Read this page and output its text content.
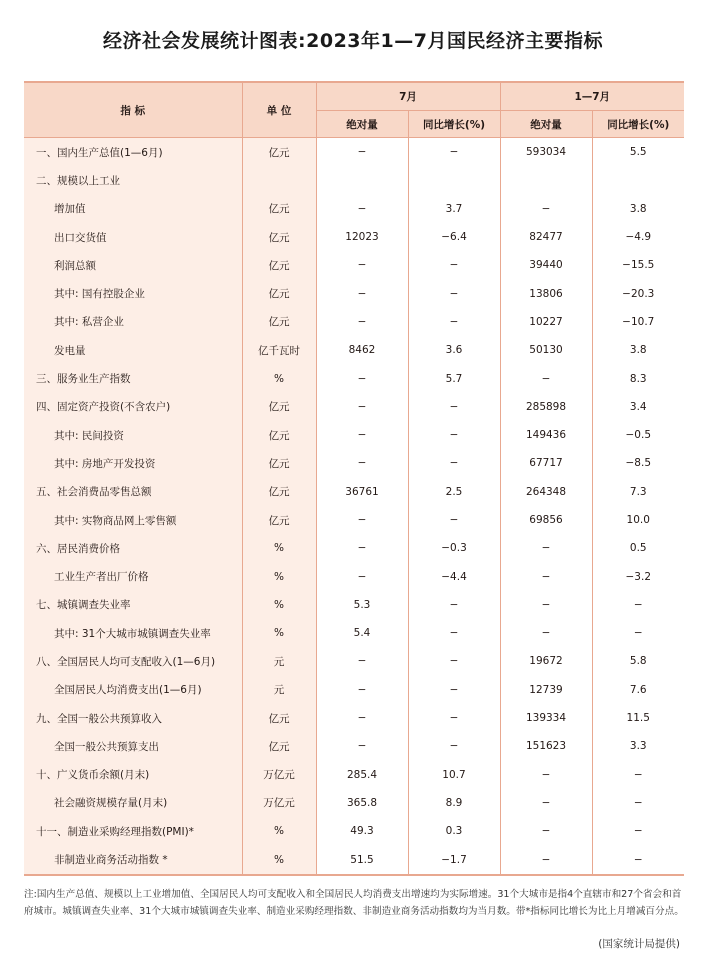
经济社会发展统计图表:2023年1—7月国民经济主要指标
指 标	单 位	7月		1—7月	
		绝对量	同比增长(%)	绝对量	同比增长(%)
一、国内生产总值(1—6月)	亿元	−	−	593034	5.5
二、规模以上工业					
增加值	亿元	−	3.7	−	3.8
出口交货值	亿元	12023	−6.4	82477	−4.9
利润总额	亿元	−	−	39440	−15.5
其中: 国有控股企业	亿元	−	−	13806	−20.3
其中: 私营企业	亿元	−	−	10227	−10.7
发电量	亿千瓦时	8462	3.6	50130	3.8
三、服务业生产指数	%	−	5.7	−	8.3
四、固定资产投资(不含农户)	亿元	−	−	285898	3.4
其中: 民间投资	亿元	−	−	149436	−0.5
其中: 房地产开发投资	亿元	−	−	67717	−8.5
五、社会消费品零售总额	亿元	36761	2.5	264348	7.3
其中: 实物商品网上零售额	亿元	−	−	69856	10.0
六、居民消费价格	%	−	−0.3	−	0.5
工业生产者出厂价格	%	−	−4.4	−	−3.2
七、城镇调查失业率	%	5.3	−	−	−
其中: 31个大城市城镇调查失业率	%	5.4	−	−	−
八、全国居民人均可支配收入(1—6月)	元	−	−	19672	5.8
全国居民人均消费支出(1—6月)	元	−	−	12739	7.6
九、全国一般公共预算收入	亿元	−	−	139334	11.5
全国一般公共预算支出	亿元	−	−	151623	3.3
十、广义货币余额(月末)	万亿元	285.4	10.7	−	−
社会融资规模存量(月末)	万亿元	365.8	8.9	−	−
十一、制造业采购经理指数(PMI)*	%	49.3	0.3	−	−
非制造业商务活动指数 *	%	51.5	−1.7	−	−
注:国内生产总值、规模以上工业增加值、全国居民人均可支配收入和全国居民人均消费支出增速均为实际增速。31个大城市是指4个直辖市和27个省会和首府城市。城镇调查失业率、31个大城市城镇调查失业率、制造业采购经理指数、非制造业商务活动指数均为当月数。带*指标同比增长为比上月增减百分点。
(国家统计局提供)
